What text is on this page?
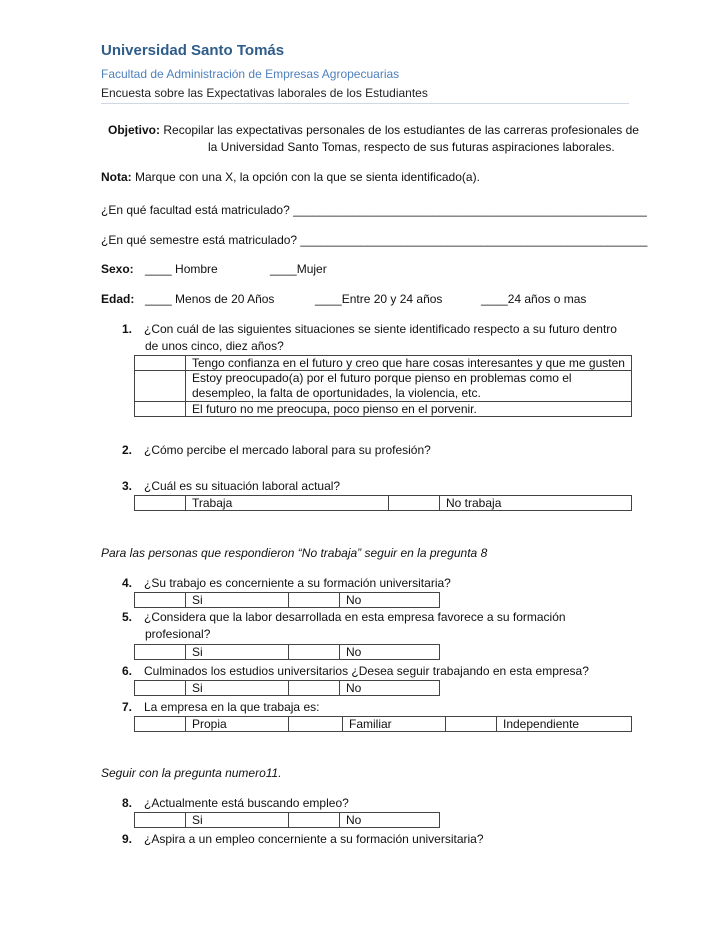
Universidad Santo Tomás
Facultad de Administración de Empresas Agropecuarias
Encuesta sobre las Expectativas laborales de los Estudiantes
Objetivo: Recopilar las expectativas personales de los estudiantes de las carreras profesionales de
la Universidad Santo Tomas, respecto de sus futuras aspiraciones laborales.
Nota: Marque con una X, la opción con la que se sienta identificado(a).
¿En qué facultad está matriculado? _____________________________________________________
¿En qué semestre está matriculado? ____________________________________________________
Sexo: ____ Hombre	____Mujer
Edad: ____ Menos de 20 Años	____Entre 20 y 24 años	____24 años o mas
1. ¿Con cuál de las siguientes situaciones se siente identificado respecto a su futuro dentro
de unos cinco, diez años?
	Tengo confianza en el futuro y creo que hare cosas interesantes y que me gusten
	Estoy preocupado(a) por el futuro porque pienso en problemas como el
desempleo, la falta de oportunidades, la violencia, etc.
	El futuro no me preocupa, poco pienso en el porvenir.
2. ¿Cómo percibe el mercado laboral para su profesión?
3. ¿Cuál es su situación laboral actual?
	Trabaja		No trabaja
Para las personas que respondieron “No trabaja” seguir en la pregunta 8
4. ¿Su trabajo es concerniente a su formación universitaria?
	Si		No
5. ¿Considera que la labor desarrollada en esta empresa favorece a su formación
profesional?
	Si		No
6. Culminados los estudios universitarios ¿Desea seguir trabajando en esta empresa?
	Si		No
7. La empresa en la que trabaja es:
	Propia		Familiar		Independiente
Seguir con la pregunta numero11.
8. ¿Actualmente está buscando empleo?
	Si		No
9. ¿Aspira a un empleo concerniente a su formación universitaria?
